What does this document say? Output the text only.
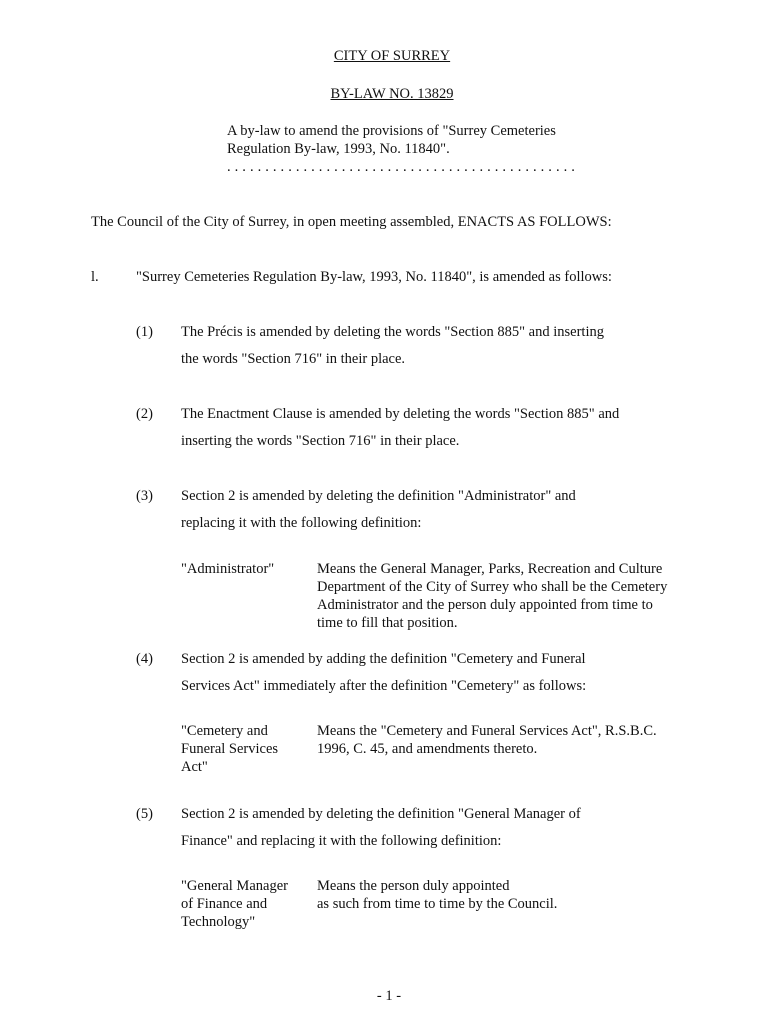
CITY OF SURREY
BY-LAW NO. 13829
A by-law to amend the provisions of "Surrey Cemeteries
Regulation By-law, 1993, No. 11840".
. . . . . . . . . . . . . . . . . . . . . . . . . . . . . . . . . . . . . . . . . . . . . .
The Council of the City of Surrey, in open meeting assembled, ENACTS AS FOLLOWS:
l.	"Surrey Cemeteries Regulation By-law, 1993, No. 11840", is amended as follows:
(1) The Précis is amended by deleting the words "Section 885" and inserting
the words "Section 716" in their place.
(2) The Enactment Clause is amended by deleting the words "Section 885" and
inserting the words "Section 716" in their place.
(3) Section 2 is amended by deleting the definition "Administrator" and
replacing it with the following definition:
"Administrator"	Means the General Manager, Parks, Recreation and Culture
Department of the City of Surrey who shall be the Cemetery
Administrator and the person duly appointed from time to
time to fill that position.
(4) Section 2 is amended by adding the definition "Cemetery and Funeral
Services Act" immediately after the definition "Cemetery" as follows:
"Cemetery and
Funeral Services
Act"
Means the "Cemetery and Funeral Services Act", R.S.B.C.
1996, C. 45, and amendments thereto.
(5) Section 2 is amended by deleting the definition "General Manager of
Finance" and replacing it with the following definition:
"General Manager
of Finance and
Technology"
Means the person duly appointed
as such from time to time by the Council.
- 1 -
